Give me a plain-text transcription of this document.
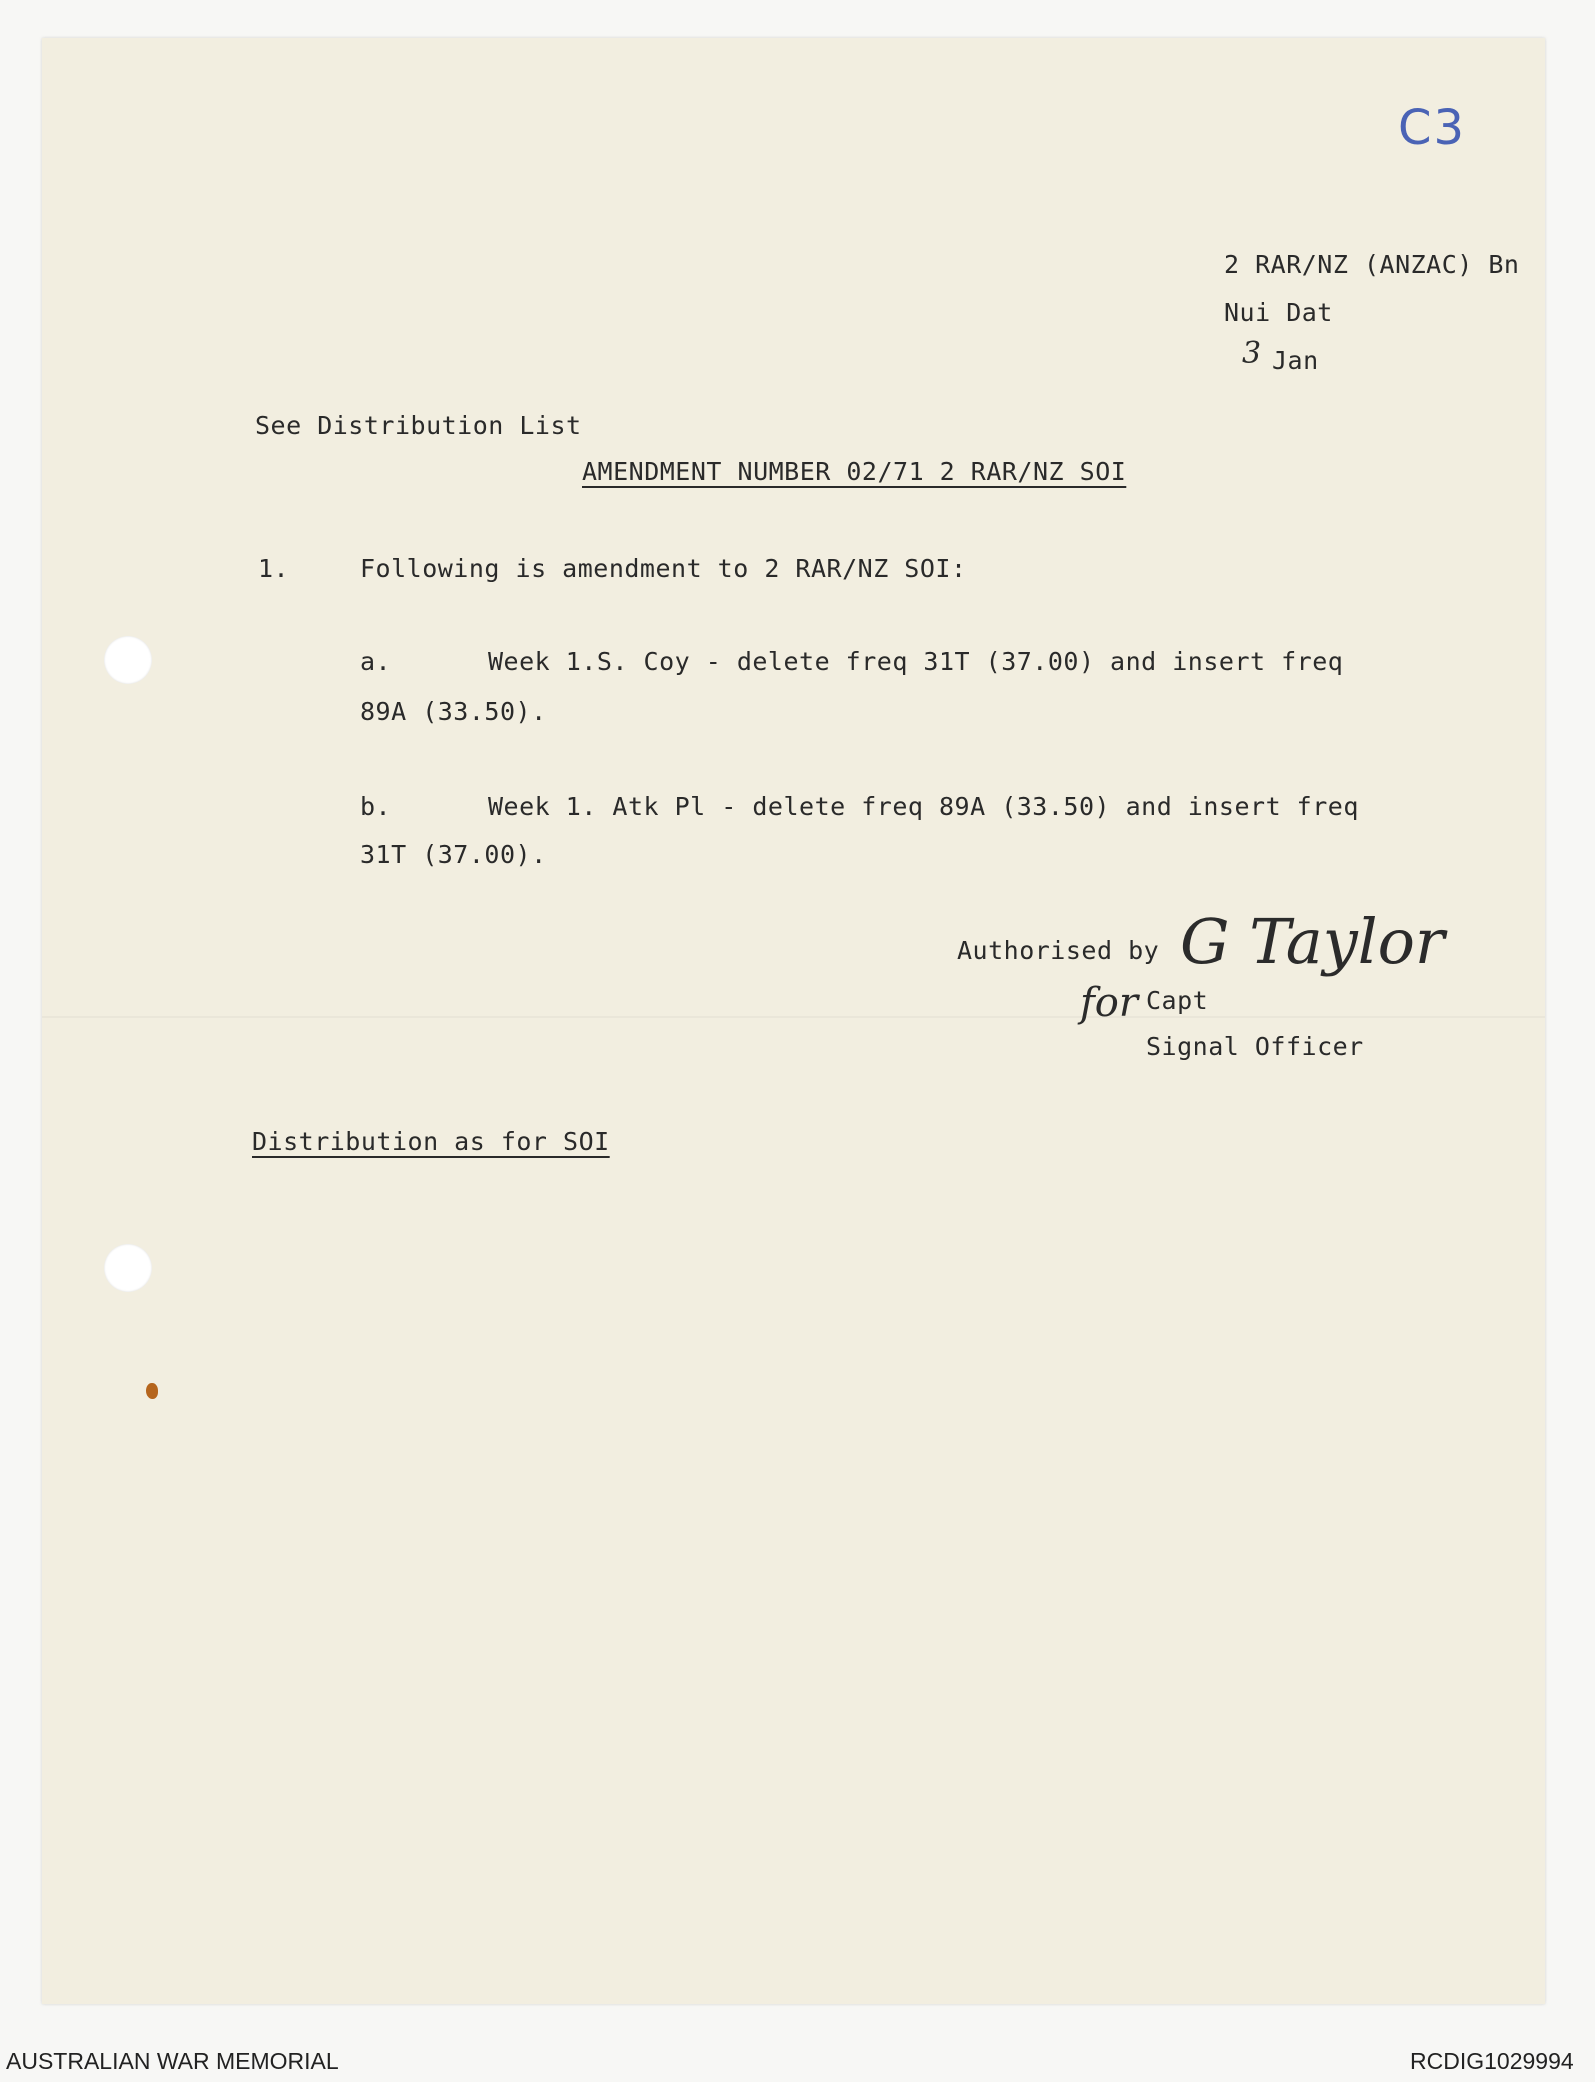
C3
2 RAR/NZ (ANZAC) Bn
Nui Dat
3 Jan
See Distribution List
AMENDMENT NUMBER 02/71 2 RAR/NZ SOI
1.	Following is amendment to 2 RAR/NZ SOI:
a.	Week 1.S. Coy - delete freq 31T (37.00) and insert freq
89A (33.50).
b.	Week 1. Atk Pl - delete freq 89A (33.50) and insert freq
31T (37.00).
Authorised by G Taylor
for Capt
Signal Officer
Distribution as for SOI
AUSTRALIAN WAR MEMORIAL	RCDIG1029994
